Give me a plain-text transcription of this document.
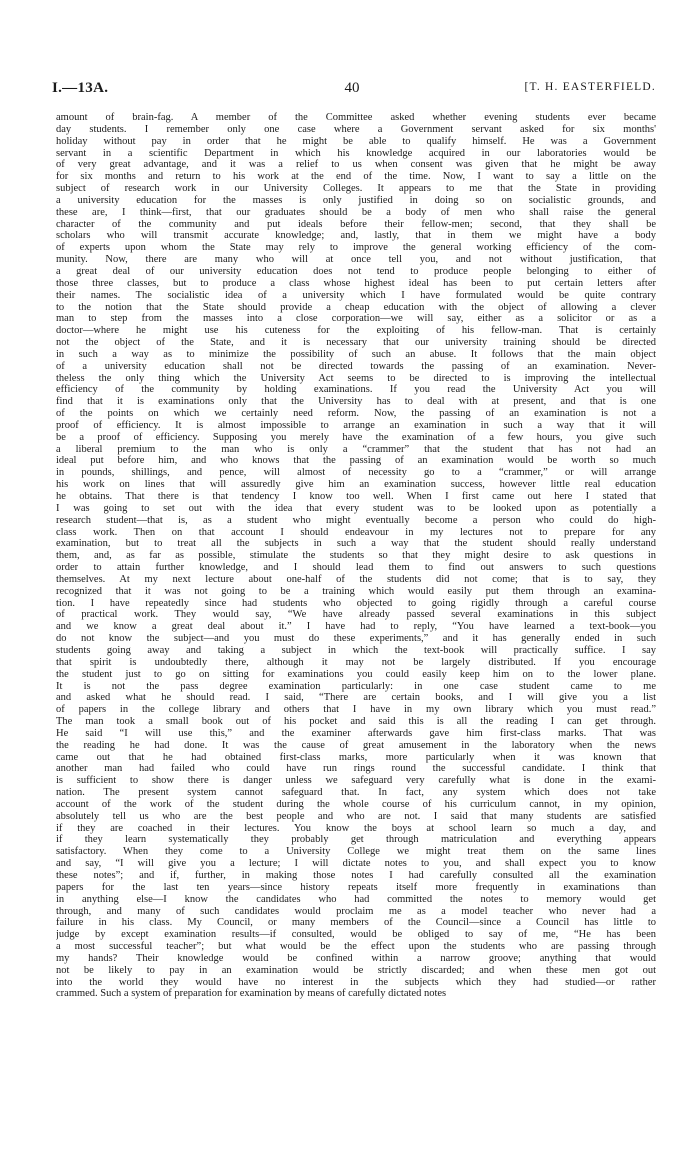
I.—13A.	40	[T. H. EASTERFIELD.
amount of brain-fag. A member of the Committee asked whether evening students ever became
day students. I remember only one case where a Government servant asked for six months'
holiday without pay in order that he might be able to qualify himself. He was a Government
servant in a scientific Department in which his knowledge acquired in our laboratories would be
of very great advantage, and it was a relief to us when consent was given that he might be away
for six months and return to his work at the end of the time. Now, I want to say a little on the
subject of research work in our University Colleges. It appears to me that the State in providing
a university education for the masses is only justified in doing so on socialistic grounds, and
these are, I think—first, that our graduates should be a body of men who shall raise the general
character of the community and put ideals before their fellow-men; second, that they shall be
scholars who will transmit accurate knowledge; and, lastly, that in them we might have a body
of experts upon whom the State may rely to improve the general working efficiency of the com-
munity. Now, there are many who will at once tell you, and not without justification, that
a great deal of our university education does not tend to produce people belonging to either of
those three classes, but to produce a class whose highest ideal has been to put certain letters after
their names. The socialistic idea of a university which I have formulated would be quite contrary
to the notion that the State should provide a cheap education with the object of allowing a clever
man to step from the masses into a close corporation—we will say, either as a solicitor or as a
doctor—where he might use his cuteness for the exploiting of his fellow-man. That is certainly
not the object of the State, and it is necessary that our university training should be directed
in such a way as to minimize the possibility of such an abuse. It follows that the main object
of a university education shall not be directed towards the passing of an examination. Never-
theless the only thing which the University Act seems to be directed to is improving the intellectual
efficiency of the community by holding examinations. If you read the University Act you will
find that it is examinations only that the University has to deal with at present, and that is one
of the points on which we certainly need reform. Now, the passing of an examination is not a
proof of efficiency. It is almost impossible to arrange an examination in such a way that it will
be a proof of efficiency. Supposing you merely have the examination of a few hours, you give such
a liberal premium to the man who is only a “crammer” that the student that has not had an
ideal put before him, and who knows that the passing of an examination would be worth so much
in pounds, shillings, and pence, will almost of necessity go to a “crammer,” or will arrange
his work on lines that will assuredly give him an examination success, however little real education
he obtains. That there is that tendency I know too well. When I first came out here I stated that
I was going to set out with the idea that every student was to be looked upon as potentially a
research student—that is, as a student who might eventually become a person who could do high-
class work. Then on that account I should endeavour in my lectures not to prepare for any
examination, but to treat all the subjects in such a way that the student should really understand
them, and, as far as possible, stimulate the students so that they might desire to ask questions in
order to attain further knowledge, and I should lead them to find out answers to such questions
themselves. At my next lecture about one-half of the students did not come; that is to say, they
recognized that it was not going to be a training which would easily put them through an examina-
tion. I have repeatedly since had students who objected to going rigidly through a careful course
of practical work. They would say, “We have already passed several examinations in this subject
and we know a great deal about it.” I have had to reply, “You have learned a text-book—you
do not know the subject—and you must do these experiments,” and it has generally ended in such
students going away and taking a subject in which the text-book will practically suffice. I say
that spirit is undoubtedly there, although it may not be largely distributed. If you encourage
the student just to go on sitting for examinations you could easily keep him on to the lower plane.
It is not the pass degree examination particularly: in one case student came to me
and asked what he should read. I said, “There are certain books, and I will give you a list
of papers in the college library and others that I have in my own library which you must read.”
The man took a small book out of his pocket and said this is all the reading I can get through.
He said “I will use this,” and the examiner afterwards gave him first-class marks. That was
the reading he had done. It was the cause of great amusement in the laboratory when the news
came out that he had obtained first-class marks, more particularly when it was known that
another man had failed who could have run rings round the successful candidate. I think that
is sufficient to show there is danger unless we safeguard very carefully what is done in the exami-
nation. The present system cannot safeguard that. In fact, any system which does not take
account of the work of the student during the whole course of his curriculum cannot, in my opinion,
absolutely tell us who are the best people and who are not. I said that many students are satisfied
if they are coached in their lectures. You know the boys at school learn so much a day, and
if they learn systematically they probably get through matriculation and everything appears
satisfactory. When they come to a University College we might treat them on the same lines
and say, “I will give you a lecture; I will dictate notes to you, and shall expect you to know
these notes”; and if, further, in making those notes I had carefully consulted all the examination
papers for the last ten years—since history repeats itself more frequently in examinations than
in anything else—I know the candidates who had committed the notes to memory would get
through, and many of such candidates would proclaim me as a model teacher who never had a
failure in his class. My Council, or many members of the Council—since a Council has little to
judge by except examination results—if consulted, would be obliged to say of me, “He has been
a most successful teacher”; but what would be the effect upon the students who are passing through
my hands? Their knowledge would be confined within a narrow groove; anything that would
not be likely to pay in an examination would be strictly discarded; and when these men got out
into the world they would have no interest in the subjects which they had studied—or rather
crammed. Such a system of preparation for examination by means of carefully dictated notes
